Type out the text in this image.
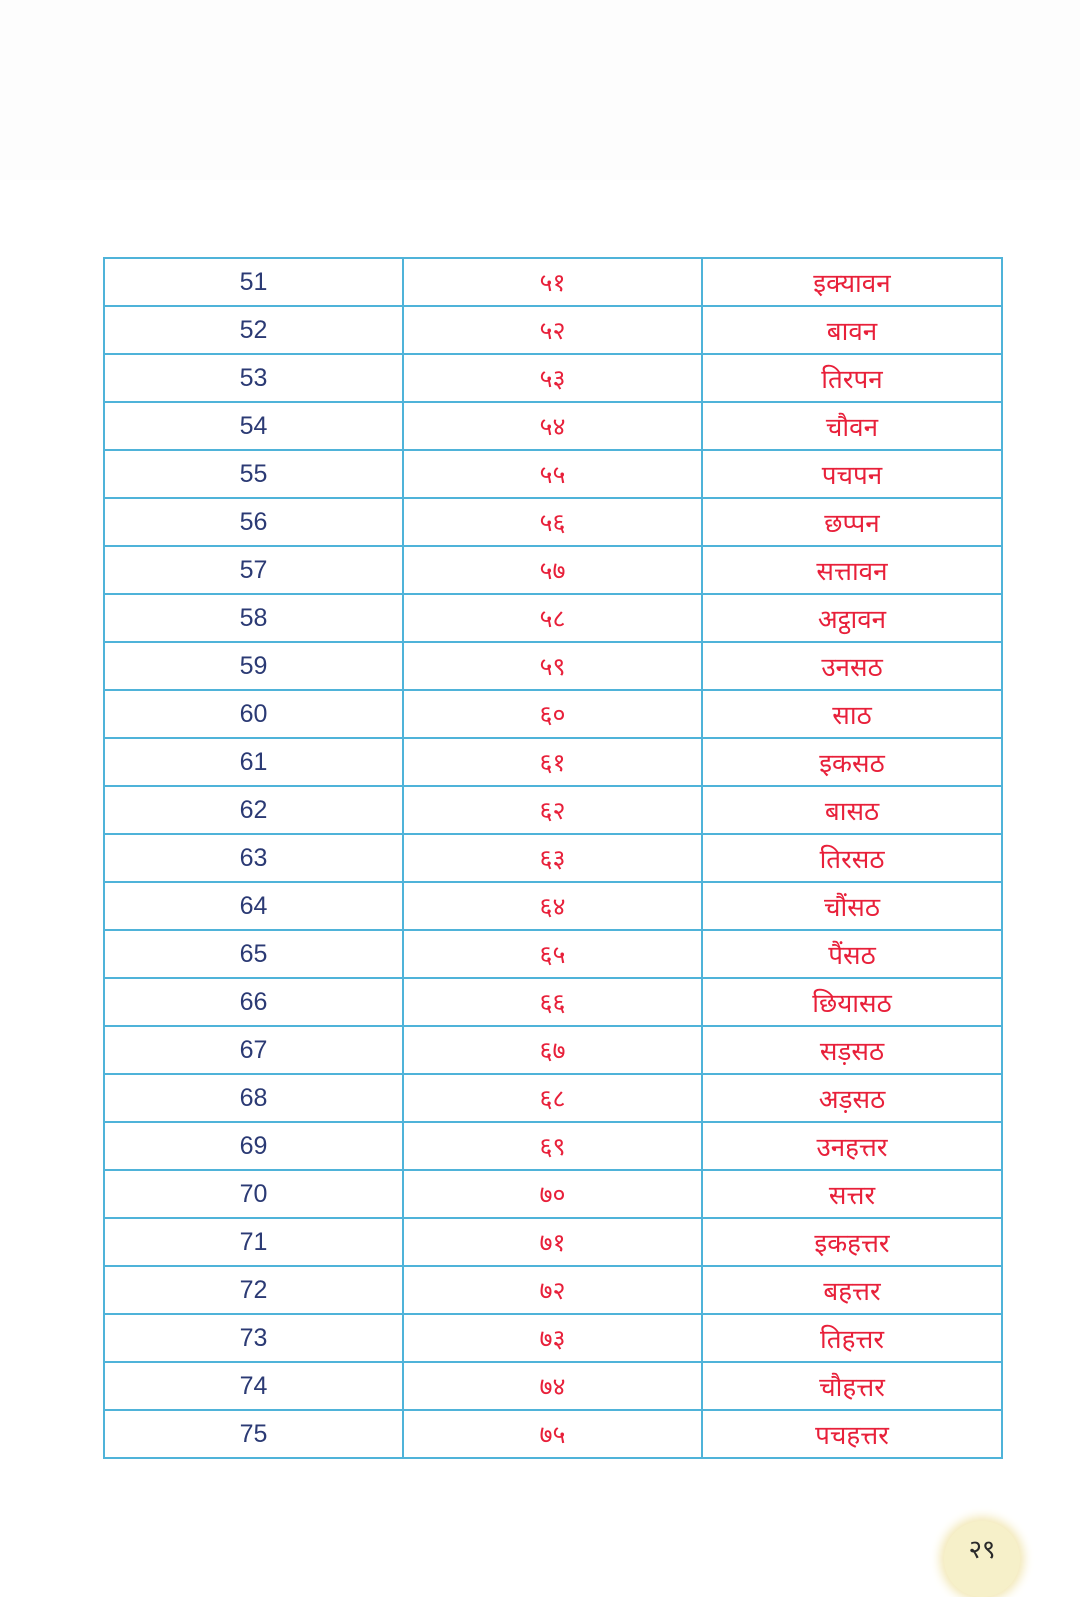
51	५१	इक्यावन
52	५२	बावन
53	५३	तिरपन
54	५४	चौवन
55	५५	पचपन
56	५६	छप्पन
57	५७	सत्तावन
58	५८	अट्ठावन
59	५९	उनसठ
60	६०	साठ
61	६१	इकसठ
62	६२	बासठ
63	६३	तिरसठ
64	६४	चौंसठ
65	६५	पैंसठ
66	६६	छियासठ
67	६७	सड़सठ
68	६८	अड़सठ
69	६९	उनहत्तर
70	७०	सत्तर
71	७१	इकहत्तर
72	७२	बहत्तर
73	७३	तिहत्तर
74	७४	चौहत्तर
75	७५	पचहत्तर
२९
